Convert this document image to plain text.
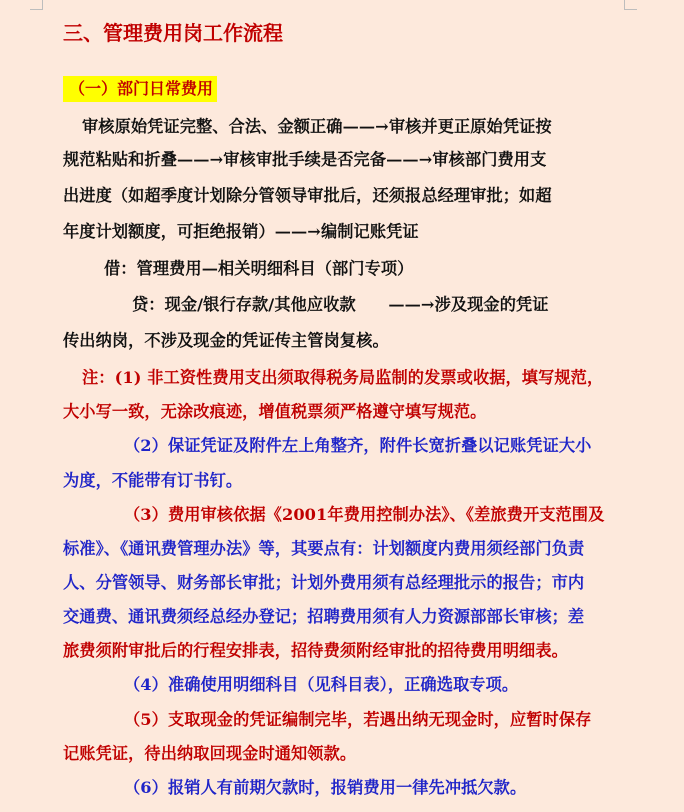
三、管理费用岗工作流程
（一）部门日常费用
审核原始凭证完整、合法、金额正确——→审核并更正原始凭证按
规范粘贴和折叠——→审核审批手续是否完备——→审核部门费用支
出进度（如超季度计划除分管领导审批后，还须报总经理审批；如超
年度计划额度，可拒绝报销）——→编制记账凭证
借：管理费用—相关明细科目（部门专项）
贷：现金/银行存款/其他应收款　　——→涉及现金的凭证
传出纳岗，不涉及现金的凭证传主管岗复核。
注：(1) 非工资性费用支出须取得税务局监制的发票或收据，填写规范，
大小写一致，无涂改痕迹，增值税票须严格遵守填写规范。
（2）保证凭证及附件左上角整齐，附件长宽折叠以记账凭证大小
为度，不能带有订书钉。
（3）费用审核依据《2001年费用控制办法》、《差旅费开支范围及
标准》、《通讯费管理办法》等，其要点有：计划额度内费用须经部门负责
人、分管领导、财务部长审批；计划外费用须有总经理批示的报告；市内
交通费、通讯费须经总经办登记；招聘费用须有人力资源部部长审核；差
旅费须附审批后的行程安排表，招待费须附经审批的招待费用明细表。
（4）准确使用明细科目（见科目表），正确选取专项。
（5）支取现金的凭证编制完毕，若遇出纳无现金时，应暂时保存
记账凭证，待出纳取回现金时通知领款。
（6）报销人有前期欠款时，报销费用一律先冲抵欠款。
